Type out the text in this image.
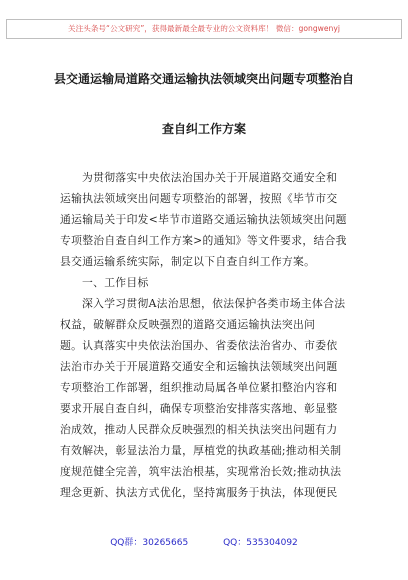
关注头条号“公文研究”，获得最新最全最专业的公文资料库！ 微信：gongwenyj
县交通运输局道路交通运输执法领域突出问题专项整治自
查自纠工作方案
为贯彻落实中央依法治国办关于开展道路交通安全和
运输执法领域突出问题专项整治的部署，按照《毕节市交
通运输局关于印发<毕节市道路交通运输执法领域突出问题
专项整治自查自纠工作方案>的通知》等文件要求，结合我
县交通运输系统实际，制定以下自查自纠工作方案。
一、工作目标
深入学习贯彻A法治思想，依法保护各类市场主体合法
权益，破解群众反映强烈的道路交通运输执法突出问
题。认真落实中央依法治国办、省委依法治省办、市委依
法治市办关于开展道路交通安全和运输执法领域突出问题
专项整治工作部署，组织推动局属各单位紧扣整治内容和
要求开展自查自纠，确保专项整治安排落实落地、彰显整
治成效，推动人民群众反映强烈的相关执法突出问题有力
有效解决，彰显法治力量，厚植党的执政基础;推动相关制
度规范健全完善，筑牢法治根基，实现常治长效;推动执法
理念更新、执法方式优化，坚持寓服务于执法，体现便民
QQ群：30265665	QQ：535304092
